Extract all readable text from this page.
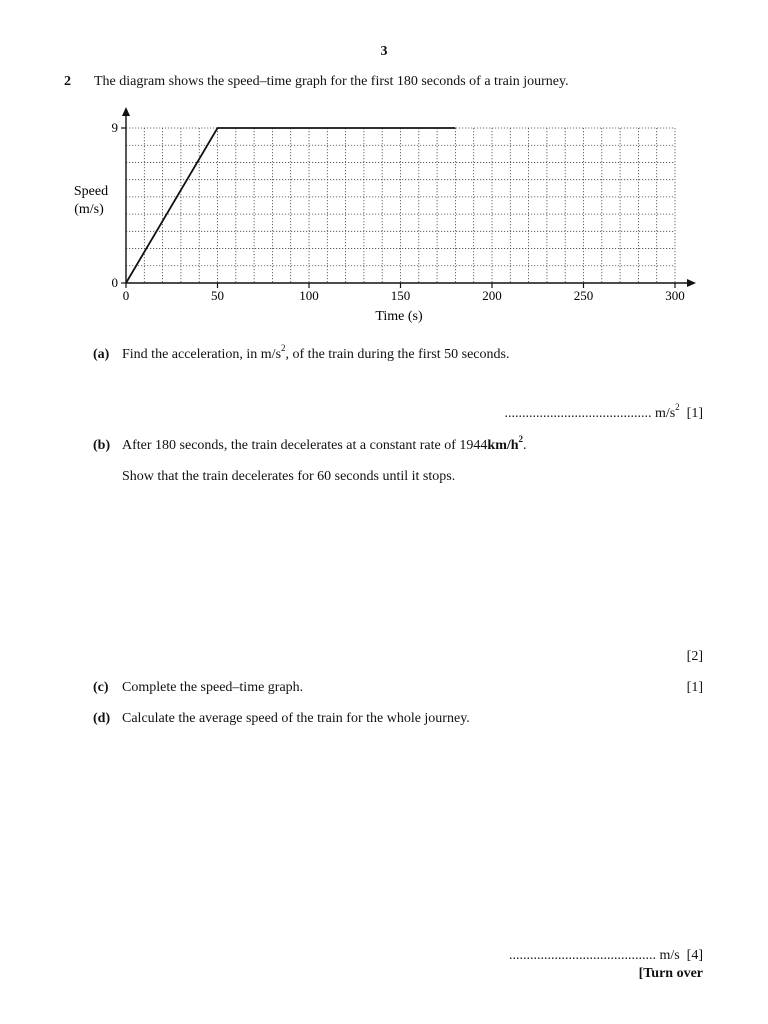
3
2 The diagram shows the speed–time graph for the first 180 seconds of a train journey.
Speed
(m/s)
Time (s)
0	50	100	150	200	250	300
0
9
(a) Find the acceleration, in $m/s^2$, of the train during the first 50 seconds.
.......................................... $m/s^2$ [1]
(b) After 180 seconds, the train decelerates at a constant rate of $1944km/h^2$.
Show that the train decelerates for 60 seconds until it stops.
[2]
(c) Complete the speed–time graph.	[1]
(d) Calculate the average speed of the train for the whole journey.
.......................................... m/s [4]
[Turn over
